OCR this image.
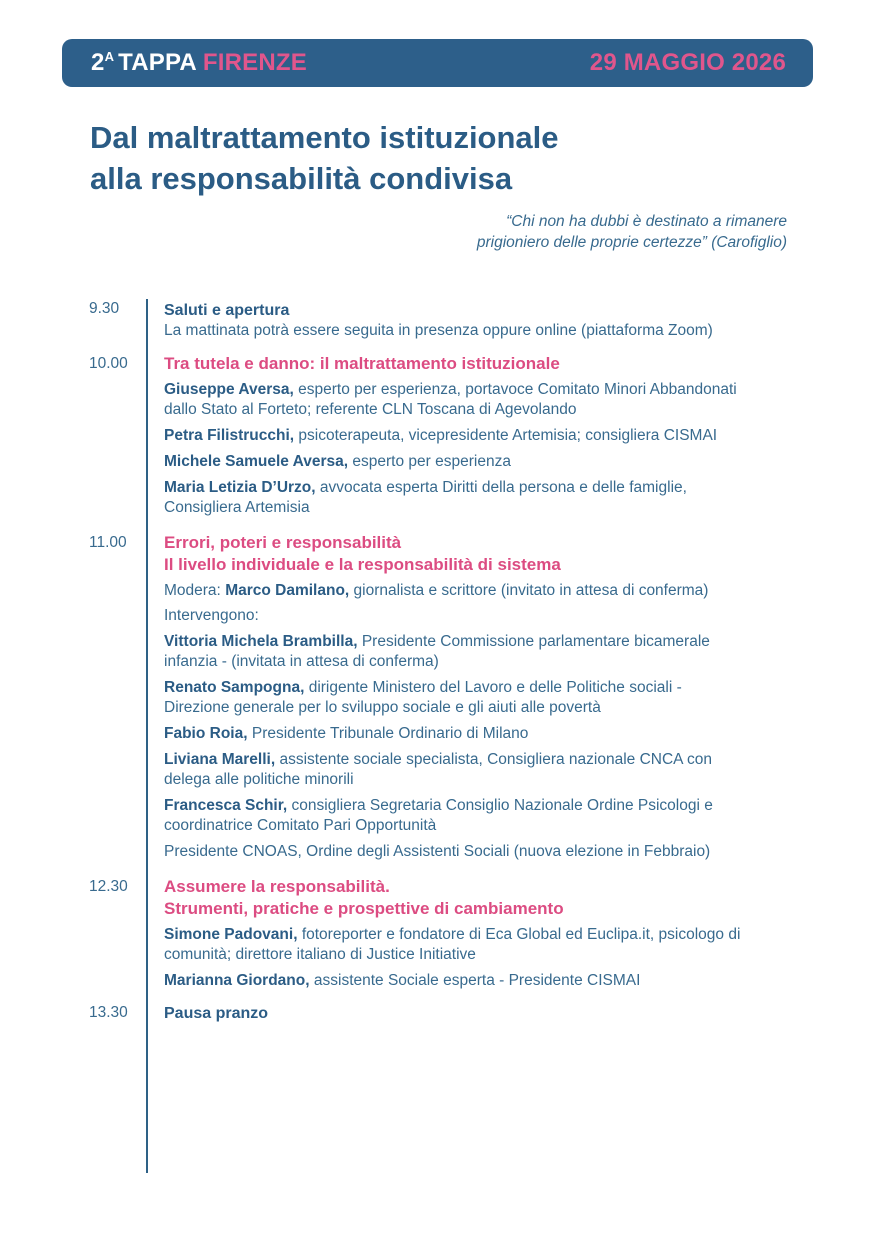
$2^A$ TAPPA FIRENZE	29 MAGGIO 2026
Dal maltrattamento istituzionale
alla responsabilità condivisa
“Chi non ha dubbi è destinato a rimanere
prigioniero delle proprie certezze” (Carofiglio)
9.30	Saluti e apertura
La mattinata potrà essere seguita in presenza oppure online (piattaforma Zoom)
10.00 Tra tutela e danno: il maltrattamento istituzionale
Giuseppe Aversa, esperto per esperienza, portavoce Comitato Minori Abbandonati
dallo Stato al Forteto; referente CLN Toscana di Agevolando
Petra Filistrucchi, psicoterapeuta, vicepresidente Artemisia; consigliera CISMAI
Michele Samuele Aversa, esperto per esperienza
Maria Letizia D’Urzo, avvocata esperta Diritti della persona e delle famiglie,
Consigliera Artemisia
11.00 Errori, poteri e responsabilità
Il livello individuale e la responsabilità di sistema
Modera: Marco Damilano, giornalista e scrittore (invitato in attesa di conferma)
Intervengono:
Vittoria Michela Brambilla, Presidente Commissione parlamentare bicamerale
infanzia - (invitata in attesa di conferma)
Renato Sampogna, dirigente Ministero del Lavoro e delle Politiche sociali -
Direzione generale per lo sviluppo sociale e gli aiuti alle povertà
Fabio Roia, Presidente Tribunale Ordinario di Milano
Liviana Marelli, assistente sociale specialista, Consigliera nazionale CNCA con
delega alle politiche minorili
Francesca Schir, consigliera Segretaria Consiglio Nazionale Ordine Psicologi e
coordinatrice Comitato Pari Opportunità
Presidente CNOAS, Ordine degli Assistenti Sociali (nuova elezione in Febbraio)
12.30 Assumere la responsabilità.
Strumenti, pratiche e prospettive di cambiamento
Simone Padovani, fotoreporter e fondatore di Eca Global ed Euclipa.it, psicologo di
comunità; direttore italiano di Justice Initiative
Marianna Giordano, assistente Sociale esperta - Presidente CISMAI
13.30 Pausa pranzo
